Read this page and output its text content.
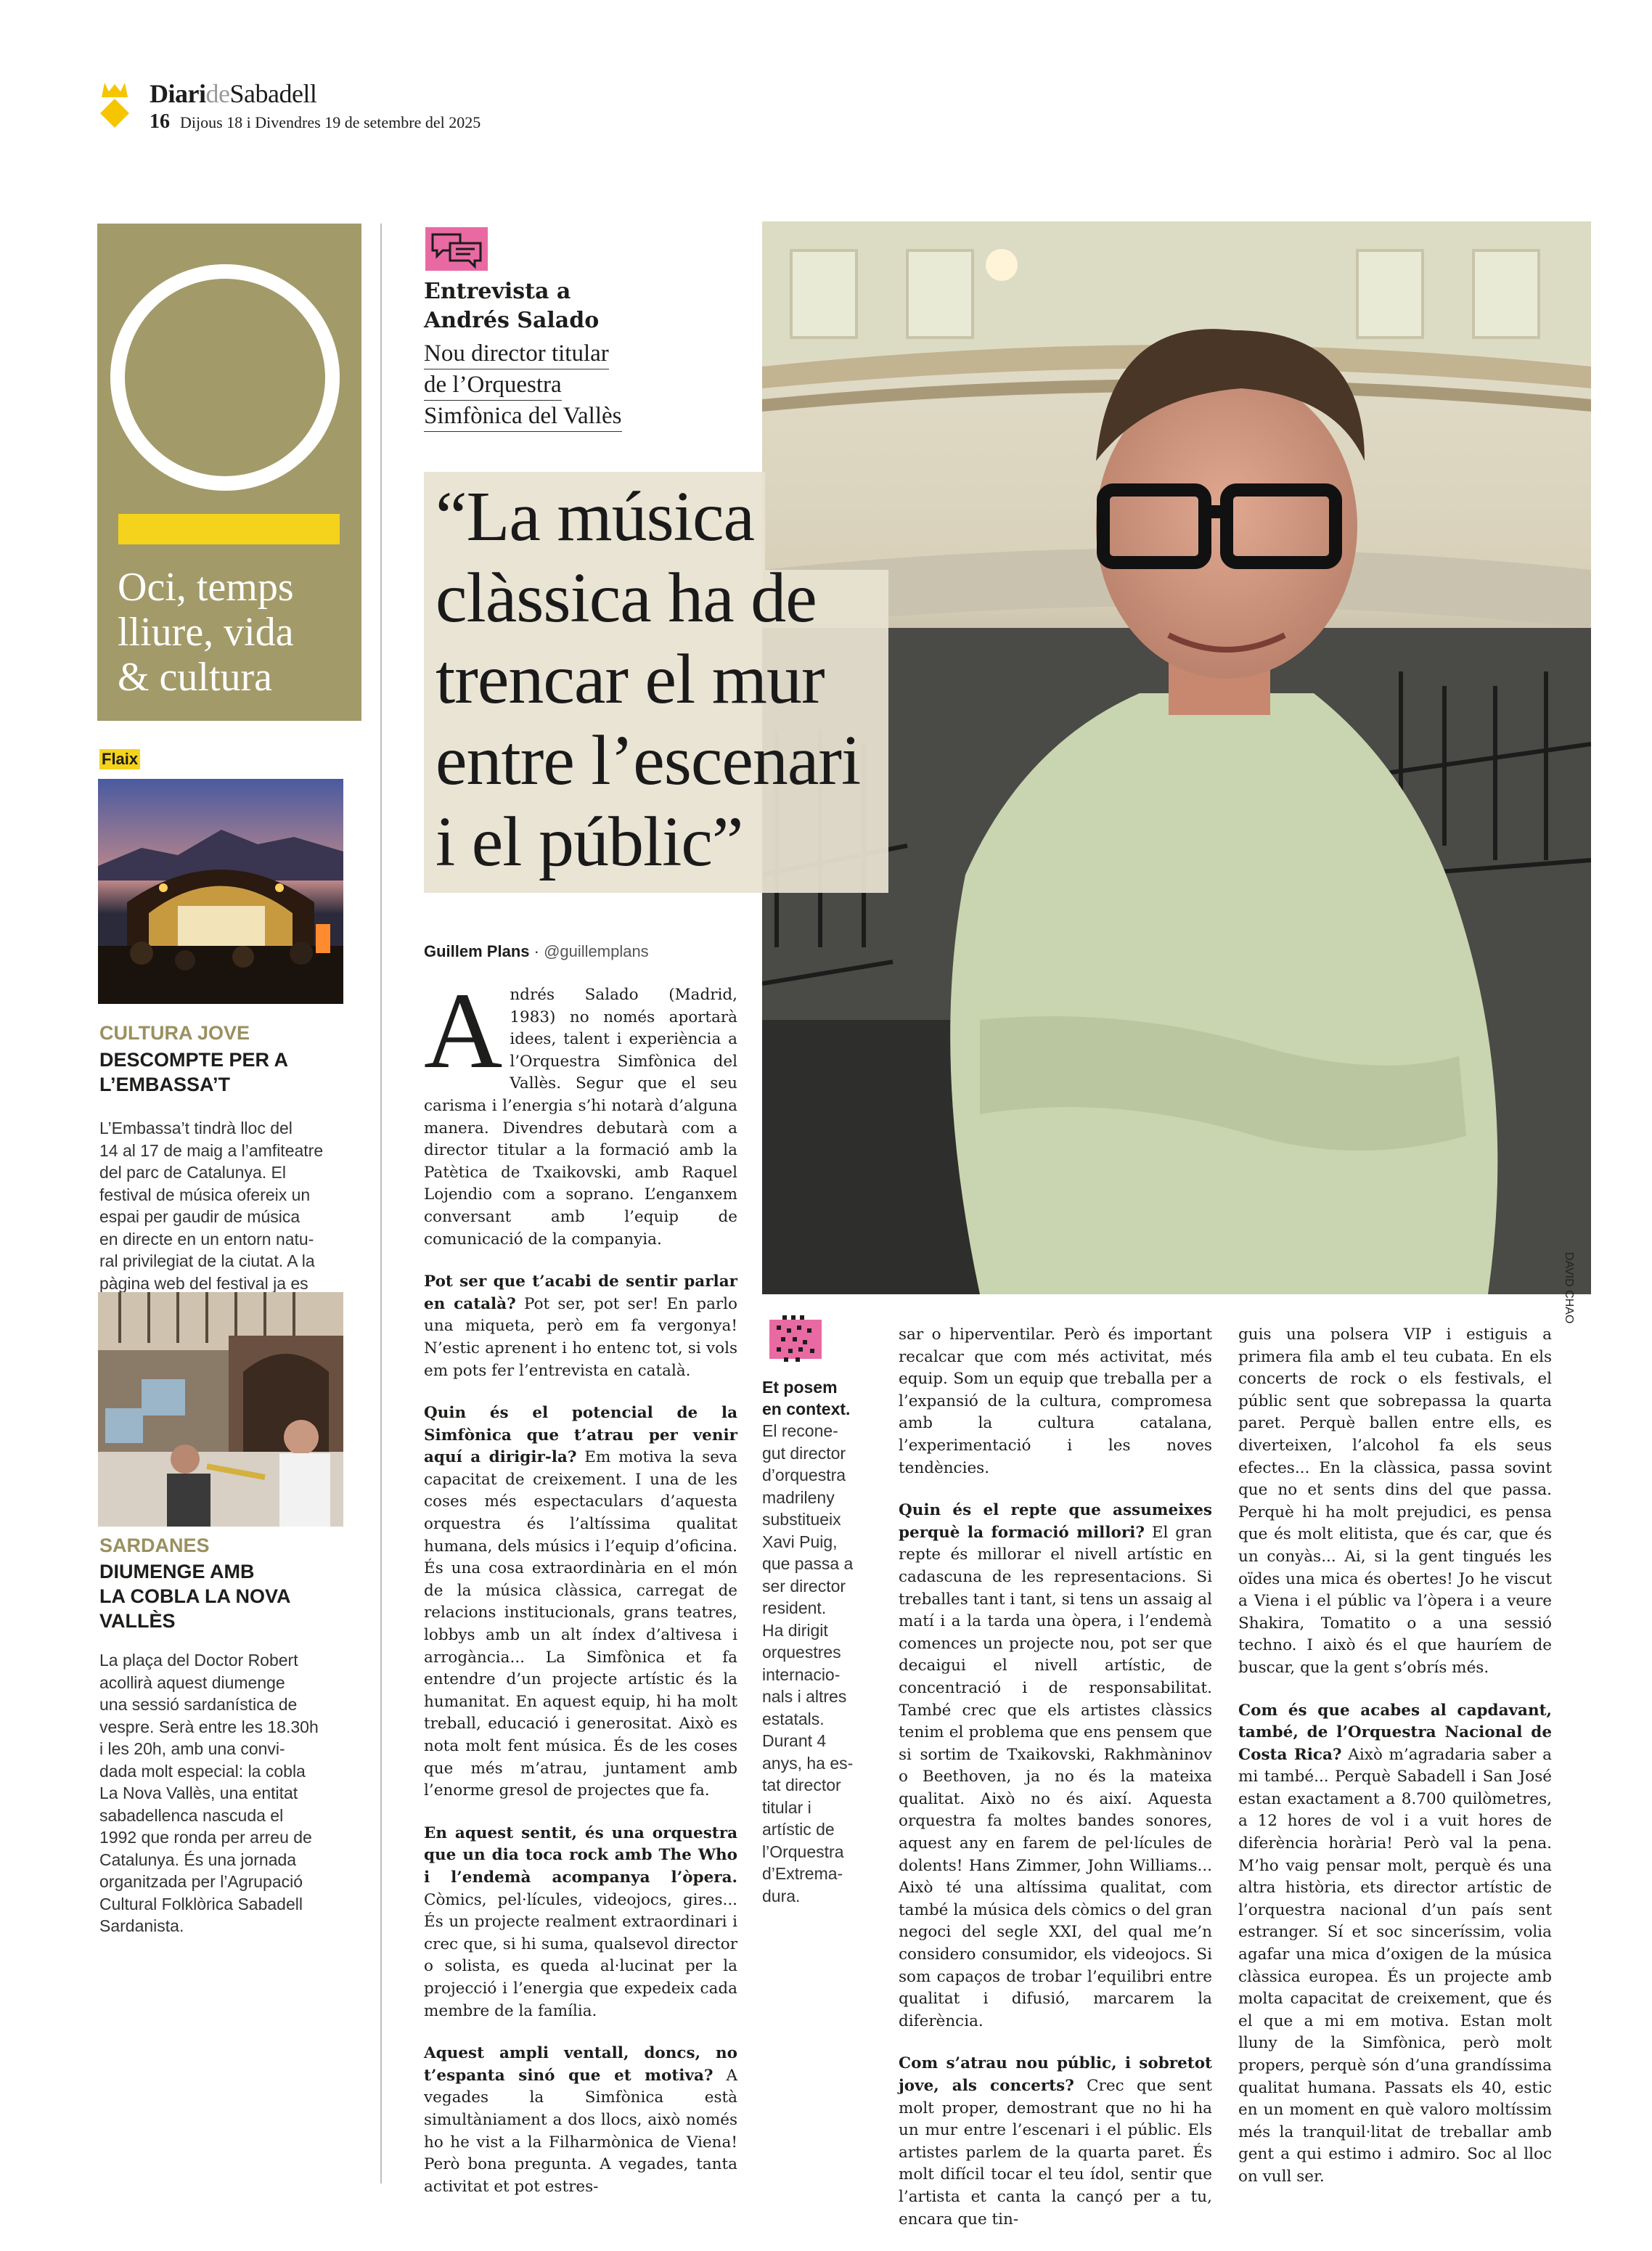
DiarideSabadell
16 Dijous 18 i Divendres 19 de setembre del 2025
Oci, temps
lliure, vida
& cultura
Flaix
CULTURA JOVE
DESCOMPTE PER A
L’EMBASSA’T
L’Embassa’t tindrà lloc del
14 al 17 de maig a l’amfiteatre
del parc de Catalunya. El
festival de música ofereix un
espai per gaudir de música
en directe en un entorn natu-
ral privilegiat de la ciutat. A la
pàgina web del festival ja es
SARDANES
DIUMENGE AMB
LA COBLA LA NOVA
VALLÈS
La plaça del Doctor Robert
acollirà aquest diumenge
una sessió sardanística de
vespre. Serà entre les 18.30h
i les 20h, amb una convi-
dada molt especial: la cobla
La Nova Vallès, una entitat
sabadellenca nascuda el
1992 que ronda per arreu de
Catalunya. És una jornada
organitzada per l’Agrupació
Cultural Folklòrica Sabadell
Sardanista.
Entrevista a
Andrés Salado
Nou director titular
de l’Orquestra
Simfònica del Vallès
DAVID CHAO
“La música
clàssica ha de
trencar el mur
entre l’escenari
i el públic”
Guillem Plans · @guillemplans

Andrés Salado (Madrid, 1983) no només aportarà idees, talent i experiència a l’Orquestra Simfònica del Vallès. Segur que el seu carisma i l’energia s’hi notarà d’alguna manera. Divendres debutarà com a director titular a la formació amb la Patètica de Txaikovski, amb Raquel Lojendio com a soprano. L’enganxem conversant amb l’equip de comunicació de la companyia.

Pot ser que t’acabi de sentir parlar en català? Pot ser, pot ser! En parlo una miqueta, però em fa vergonya! N’estic aprenent i ho entenc tot, si vols em pots fer l’entrevista en català.

Quin és el potencial de la Simfònica que t’atrau per venir aquí a dirigir-la? Em motiva la seva capacitat de creixement. I una de les coses més espectaculars d’aquesta orquestra és l’altíssima qualitat humana, dels músics i l’equip d’oficina. És una cosa extraordinària en el món de la música clàssica, carregat de relacions institucionals, grans teatres, lobbys amb un alt índex d’altivesa i arrogància... La Simfònica et fa entendre d’un projecte artístic és la humanitat. En aquest equip, hi ha molt treball, educació i generositat. Això es nota molt fent música. És de les coses que més m’atrau, juntament amb l’enorme gresol de projectes que fa.

En aquest sentit, és una orquestra que un dia toca rock amb The Who i l’endemà acompanya l’òpera. Còmics, pel·lícules, videojocs, gires... És un projecte realment extraordinari i crec que, si hi suma, qualsevol director o solista, es queda al·lucinat per la projecció i l’energia que expedeix cada membre de la família.

Aquest ampli ventall, doncs, no t’espanta sinó que et motiva? A vegades la Simfònica està simultàniament a dos llocs, això només ho he vist a la Filharmònica de Viena! Però bona pregunta. A vegades, tanta activitat et pot estres-

Et posem
en context.
El recone-
gut director
d’orquestra
madrileny
substitueix
Xavi Puig,
que passa a
ser director
resident.
Ha dirigit
orquestres
internacio-
nals i altres
estatals.
Durant 4
anys, ha es-
tat director
titular i
artístic de
l’Orquestra
d’Extrema-
dura.

sar o hiperventilar. Però és important recalcar que com més activitat, més equip. Som un equip que treballa per a l’expansió de la cultura, compromesa amb la cultura catalana, l’experimentació i les noves tendències.

Quin és el repte que assumeixes perquè la formació millori? El gran repte és millorar el nivell artístic en cadascuna de les representacions. Si treballes tant i tant, si tens un assaig al matí i a la tarda una òpera, i l’endemà comences un projecte nou, pot ser que decaigui el nivell artístic, de concentració i de responsabilitat. També crec que els artistes clàssics tenim el problema que ens pensem que si sortim de Txaikovski, Rakhmàninov o Beethoven, ja no és la mateixa qualitat. Això no és així. Aquesta orquestra fa moltes bandes sonores, aquest any en farem de pel·lícules de dolents! Hans Zimmer, John Williams... Això té una altíssima qualitat, com també la música dels còmics o del gran negoci del segle XXI, del qual me’n considero consumidor, els videojocs. Si som capaços de trobar l’equilibri entre qualitat i difusió, marcarem la diferència.

Com s’atrau nou públic, i sobretot jove, als concerts? Crec que sent molt proper, demostrant que no hi ha un mur entre l’escenari i el públic. Els artistes parlem de la quarta paret. És molt difícil tocar el teu ídol, sentir que l’artista et canta la cançó per a tu, encara que tin-

guis una polsera VIP i estiguis a primera fila amb el teu cubata. En els concerts de rock o els festivals, el públic sent que sobrepassa la quarta paret. Perquè ballen entre ells, es diverteixen, l’alcohol fa els seus efectes... En la clàssica, passa sovint que no et sents dins del que passa. Perquè hi ha molt prejudici, es pensa que és molt elitista, que és car, que és un conyàs... Ai, si la gent tingués les oïdes una mica és obertes! Jo he viscut a Viena i el públic va l’òpera i a veure Shakira, Tomatito o a una sessió techno. I això és el que hauríem de buscar, que la gent s’obrís més.

Com és que acabes al capdavant, també, de l’Orquestra Nacional de Costa Rica? Això m’agradaria saber a mi també... Perquè Sabadell i San José estan exactament a 8.700 quilòmetres, a 12 hores de vol i a vuit hores de diferència horària! Però val la pena. M’ho vaig pensar molt, perquè és una altra història, ets director artístic de l’orquestra nacional d’un país sent estranger. Sí et soc sinceríssim, volia agafar una mica d’oxigen de la música clàssica europea. És un projecte amb molta capacitat de creixement, que és el que a mi em motiva. Estan molt lluny de la Simfònica, però molt propers, perquè són d’una grandíssima qualitat humana. Passats els 40, estic en un moment en què valoro moltíssim més la tranquil·litat de treballar amb gent a qui estimo i admiro. Soc al lloc on vull ser.
